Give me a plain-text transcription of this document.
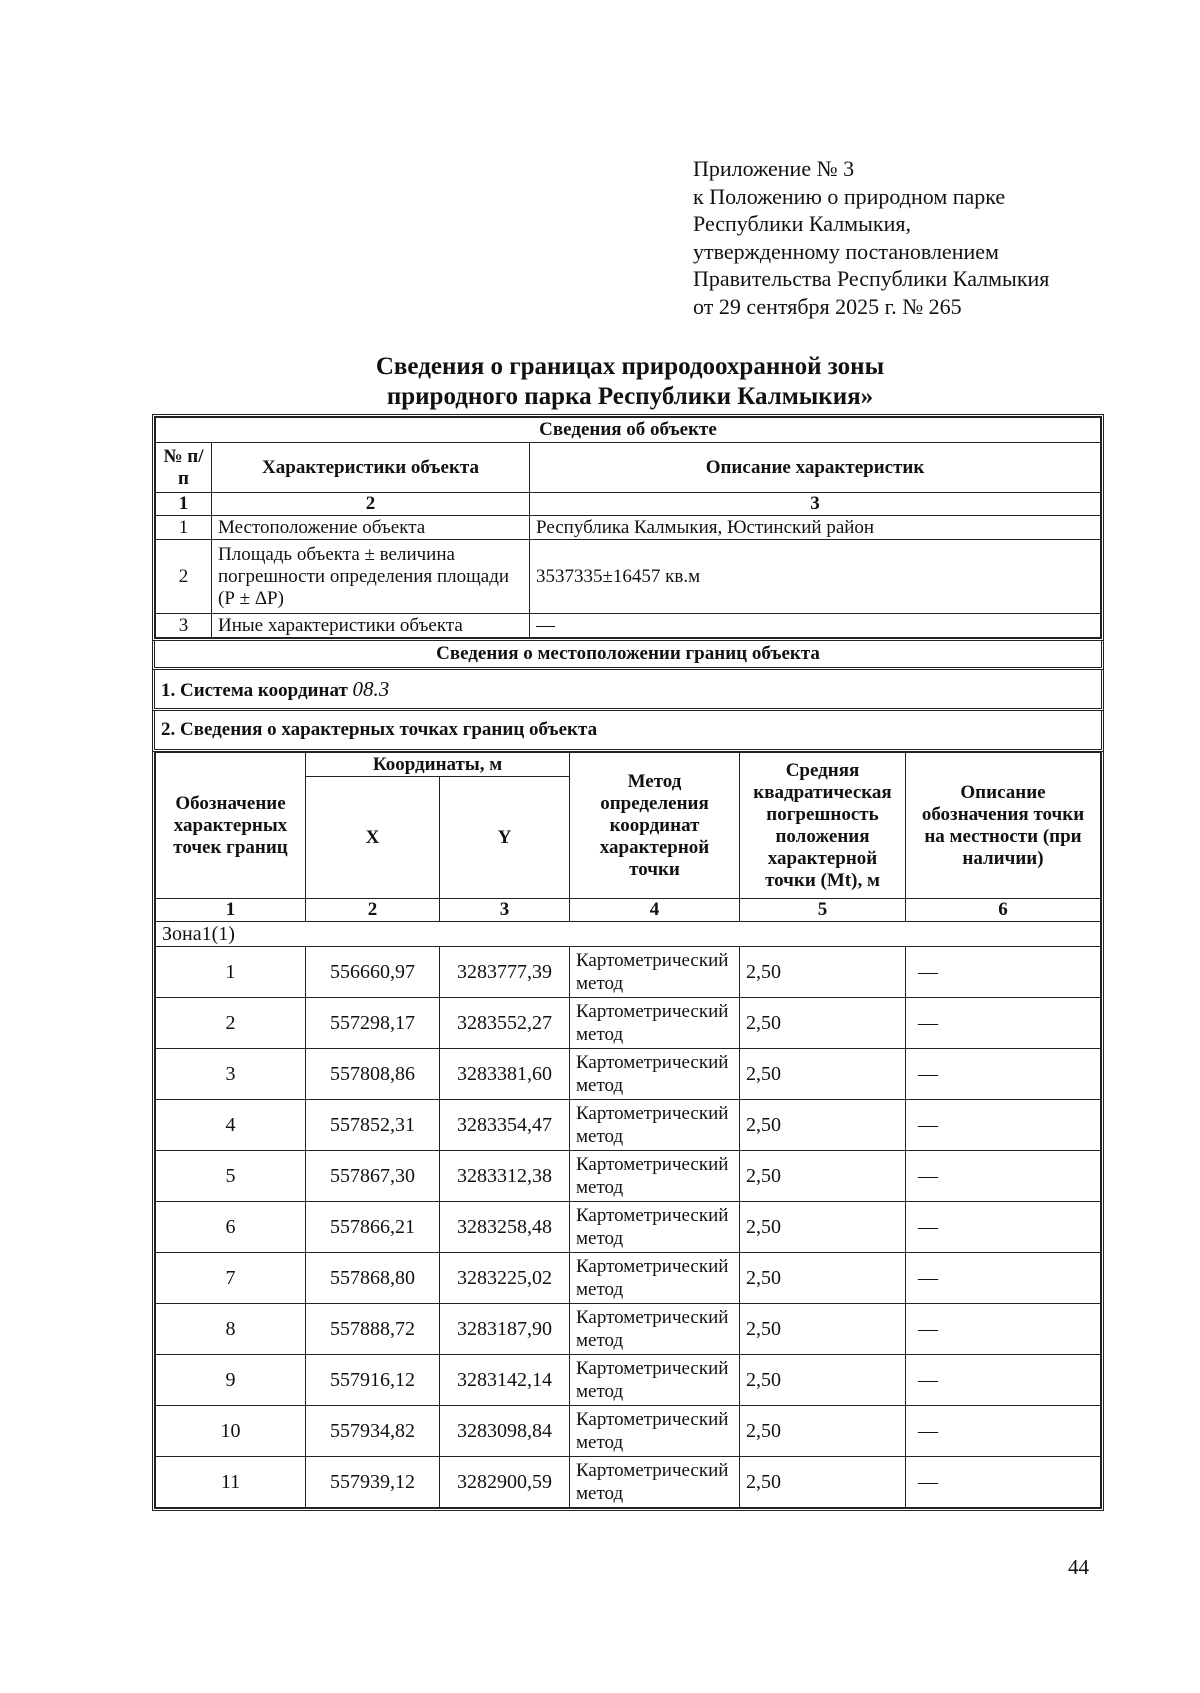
Приложение № 3
к Положению о природном парке
Республики Калмыкия,
утвержденному постановлением
Правительства Республики Калмыкия
от 29 сентября 2025 г. № 265
Сведения о границах природоохранной зоны
природного парка Республики Калмыкия»
Сведения об объекте		
№ п/п	Характеристики объекта	Описание характеристик
1	2	3
1	Местоположение объекта	Республика Калмыкия, Юстинский район
2	Площадь объекта ± величина погрешности определения площади (Р ± ΔР)	3537335±16457 кв.м
3	Иные характеристики объекта	—
Сведения о местоположении границ объекта
1. Система координат 08.3
2. Сведения о характерных точках границ объекта
Обозначение характерных точек границ	Координаты, м		Метод определения координат характерной точки	Средняя квадратическая погрешность положения характерной точки (Mt), м	Описание обозначения точки на местности (при наличии)
	X	Y			
1	2	3	4	5	6
Зона1(1)					
1	556660,97	3283777,39	Картометрический метод	2,50	—
2	557298,17	3283552,27	Картометрический метод	2,50	—
3	557808,86	3283381,60	Картометрический метод	2,50	—
4	557852,31	3283354,47	Картометрический метод	2,50	—
5	557867,30	3283312,38	Картометрический метод	2,50	—
6	557866,21	3283258,48	Картометрический метод	2,50	—
7	557868,80	3283225,02	Картометрический метод	2,50	—
8	557888,72	3283187,90	Картометрический метод	2,50	—
9	557916,12	3283142,14	Картометрический метод	2,50	—
10	557934,82	3283098,84	Картометрический метод	2,50	—
11	557939,12	3282900,59	Картометрический метод	2,50	—
44
